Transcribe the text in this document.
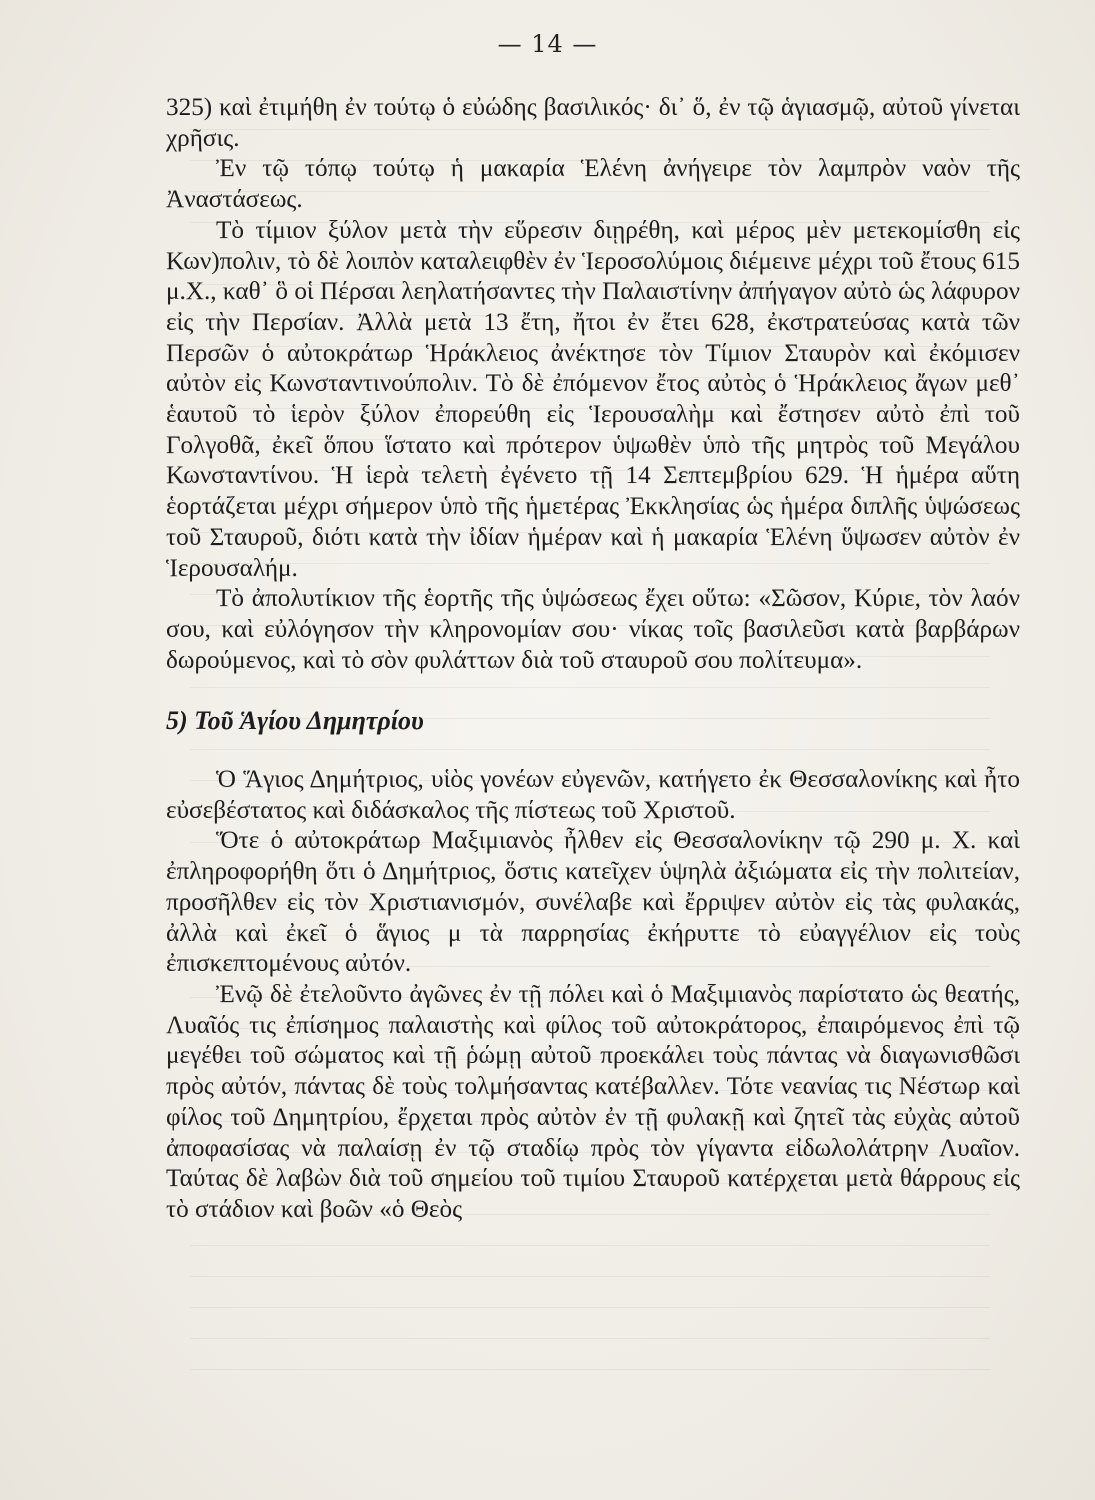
— 14 —

325) καὶ ἐτιμήθη ἐν τούτῳ ὁ εὐώδης βασιλικός· δι᾽ ὅ, ἐν τῷ ἁγιασμῷ, αὐτοῦ γίνεται χρῆσις.

Ἐν τῷ τόπῳ τούτῳ ἡ μακαρία Ἑλένη ἀνήγειρε τὸν λαμπρὸν ναὸν τῆς Ἀναστάσεως.

Τὸ τίμιον ξύλον μετὰ τὴν εὕρεσιν διῃρέθη, καὶ μέρος μὲν μετεκομίσθη εἰς Κων)πολιν, τὸ δὲ λοιπὸν καταλειφθὲν ἐν Ἱεροσολύμοις διέμεινε μέχρι τοῦ ἔτους 615 μ.Χ., καθ᾽ ὃ οἱ Πέρσαι λεηλατήσαντες τὴν Παλαιστίνην ἀπήγαγον αὐτὸ ὡς λάφυρον εἰς τὴν Περσίαν. Ἀλλὰ μετὰ 13 ἔτη, ἤτοι ἐν ἔτει 628, ἐκστρατεύσας κατὰ τῶν Περσῶν ὁ αὐτοκράτωρ Ἡράκλειος ἀνέκτησε τὸν Τίμιον Σταυρὸν καὶ ἐκόμισεν αὐτὸν εἰς Κωνσταντινούπολιν. Τὸ δὲ ἐπόμενον ἔτος αὐτὸς ὁ Ἡράκλειος ἄγων μεθ᾽ ἑαυτοῦ τὸ ἱερὸν ξύλον ἐπορεύθη εἰς Ἱερουσαλὴμ καὶ ἔστησεν αὐτὸ ἐπὶ τοῦ Γολγοθᾶ, ἐκεῖ ὅπου ἵστατο καὶ πρότερον ὑψωθὲν ὑπὸ τῆς μητρὸς τοῦ Μεγάλου Κωνσταντίνου. Ἡ ἱερὰ τελετὴ ἐγένετο τῇ 14 Σεπτεμβρίου 629. Ἡ ἡμέρα αὕτη ἑορτάζεται μέχρι σήμερον ὑπὸ τῆς ἡμετέρας Ἐκκλησίας ὡς ἡμέρα διπλῆς ὑψώσεως τοῦ Σταυροῦ, διότι κατὰ τὴν ἰδίαν ἡμέραν καὶ ἡ μακαρία Ἑλένη ὕψωσεν αὐτὸν ἐν Ἱερουσαλήμ.

Τὸ ἀπολυτίκιον τῆς ἑορτῆς τῆς ὑψώσεως ἔχει οὕτω: «Σῶσον, Κύριε, τὸν λαόν σου, καὶ εὐλόγησον τὴν κληρονομίαν σου· νίκας τοῖς βασιλεῦσι κατὰ βαρβάρων δωρούμενος, καὶ τὸ σὸν φυλάττων διὰ τοῦ σταυροῦ σου πολίτευμα».

5) Τοῦ Ἁγίου Δημητρίου

Ὁ Ἅγιος Δημήτριος, υἱὸς γονέων εὐγενῶν, κατήγετο ἐκ Θεσσαλονίκης καὶ ἦτο εὐσεβέστατος καὶ διδάσκαλος τῆς πίστεως τοῦ Χριστοῦ.

Ὅτε ὁ αὐτοκράτωρ Μαξιμιανὸς ἦλθεν εἰς Θεσσαλονίκην τῷ 290 μ. Χ. καὶ ἐπληροφορήθη ὅτι ὁ Δημήτριος, ὅστις κατεῖχεν ὑψηλὰ ἀξιώματα εἰς τὴν πολιτείαν, προσῆλθεν εἰς τὸν Χριστιανισμόν, συνέλαβε καὶ ἔρριψεν αὐτὸν εἰς τὰς φυλακάς, ἀλλὰ καὶ ἐκεῖ ὁ ἅγιος μ τὰ παρρησίας ἐκήρυττε τὸ εὐαγγέλιον εἰς τοὺς ἐπισκεπτομένους αὐτόν.

Ἐνῷ δὲ ἐτελοῦντο ἀγῶνες ἐν τῇ πόλει καὶ ὁ Μαξιμιανὸς παρίστατο ὡς θεατής, Λυαῖός τις ἐπίσημος παλαιστὴς καὶ φίλος τοῦ αὐτοκράτορος, ἐπαιρόμενος ἐπὶ τῷ μεγέθει τοῦ σώματος καὶ τῇ ῥώμῃ αὐτοῦ προεκάλει τοὺς πάντας νὰ διαγωνισθῶσι πρὸς αὐτόν, πάντας δὲ τοὺς τολμήσαντας κατέβαλλεν. Τότε νεανίας τις Νέστωρ καὶ φίλος τοῦ Δημητρίου, ἔρχεται πρὸς αὐτὸν ἐν τῇ φυλακῇ καὶ ζητεῖ τὰς εὐχὰς αὐτοῦ ἀποφασίσας νὰ παλαίσῃ ἐν τῷ σταδίῳ πρὸς τὸν γίγαντα εἰδωλολάτρην Λυαῖον. Ταύτας δὲ λαβὼν διὰ τοῦ σημείου τοῦ τιμίου Σταυροῦ κατέρχεται μετὰ θάρρους εἰς τὸ στάδιον καὶ βοῶν «ὁ Θεὸς
